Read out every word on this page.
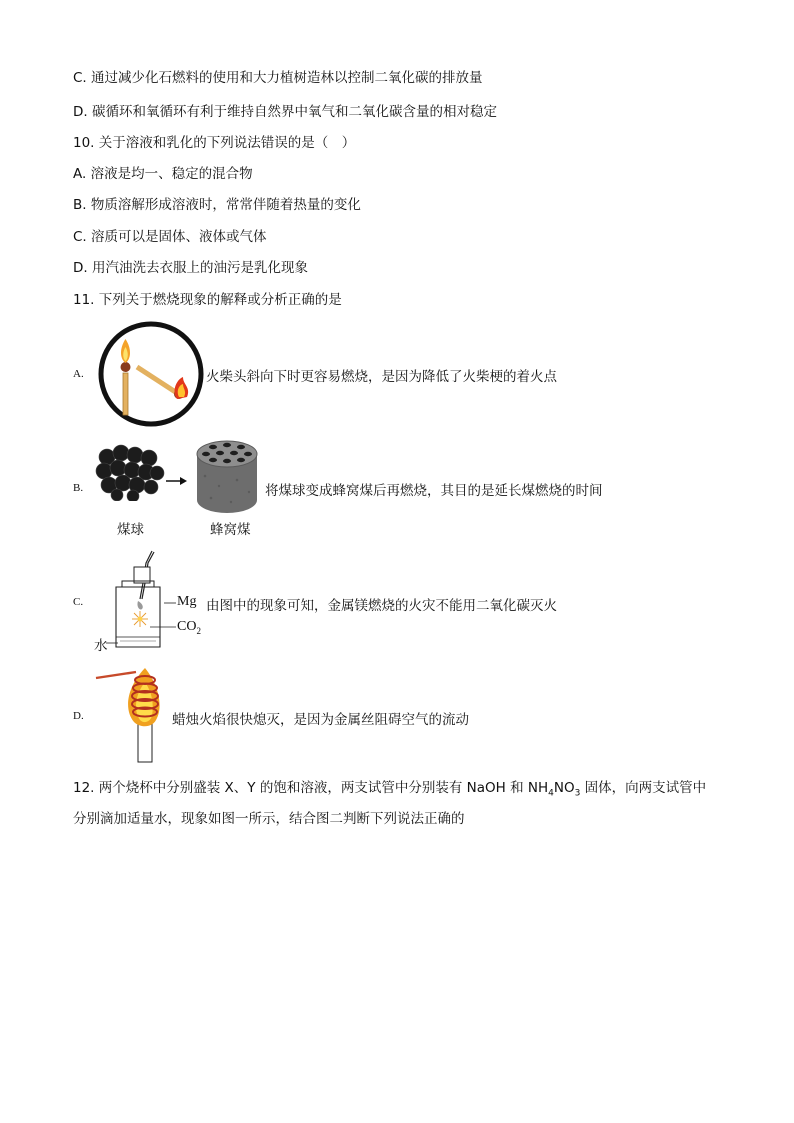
C. 通过减少化石燃料的使用和大力植树造林以控制二氧化碳的排放量
D. 碳循环和氧循环有利于维持自然界中氧气和二氧化碳含量的相对稳定
10. 关于溶液和乳化的下列说法错误的是（　）
A. 溶液是均一、稳定的混合物
B. 物质溶解形成溶液时，常常伴随着热量的变化
C. 溶质可以是固体、液体或气体
D. 用汽油洗去衣服上的油污是乳化现象
11. 下列关于燃烧现象的解释或分析正确的是
A.	火柴头斜向下时更容易燃烧，是因为降低了火柴梗的着火点
B.	将煤球变成蜂窝煤后再燃烧，其目的是延长煤燃烧的时间
煤球	蜂窝煤
C.	Mg 由图中的现象可知，金属镁燃烧的火灾不能用二氧化碳灭火
$CO_2$
水
D.	蜡烛火焰很快熄灭，是因为金属丝阻碍空气的流动
12. 两个烧杯中分别盛装 X、Y 的饱和溶液，两支试管中分别装有 NaOH 和 $NH_4NO_3$ 固体，向两支试管中
分别滴加适量水，现象如图一所示，结合图二判断下列说法正确的
